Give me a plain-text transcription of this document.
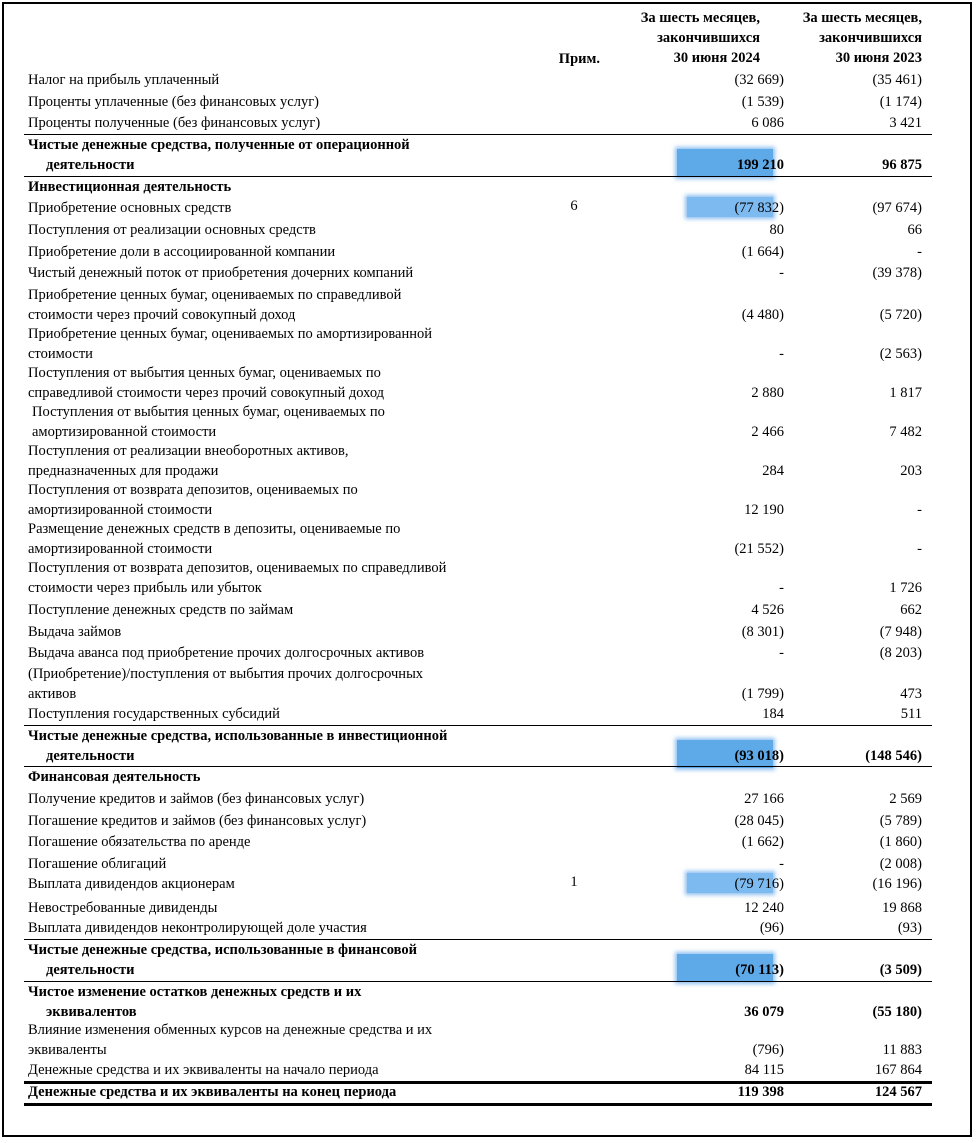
Прим.
За шесть месяцев,
закончившихся
30 июня 2024
За шесть месяцев,
закончившихся
30 июня 2023
Налог на прибыль уплаченный	(32 669)	(35 461)
Проценты уплаченные (без финансовых услуг)	(1 539)	(1 174)
Проценты полученные (без финансовых услуг)	6 086	3 421
Чистые денежные средства, полученные от операционной
деятельности	199 210	96 875
Инвестиционная деятельность
Приобретение основных средств	6	(77 832)	(97 674)
Поступления от реализации основных средств	80	66
Приобретение доли в ассоциированной компании	(1 664)	-
Чистый денежный поток от приобретения дочерних компаний	-	(39 378)
Приобретение ценных бумаг, оцениваемых по справедливой
стоимости через прочий совокупный доход	(4 480)	(5 720)
Приобретение ценных бумаг, оцениваемых по амортизированной
стоимости	-	(2 563)
Поступления от выбытия ценных бумаг, оцениваемых по
справедливой стоимости через прочий совокупный доход	2 880	1 817
Поступления от выбытия ценных бумаг, оцениваемых по
амортизированной стоимости	2 466	7 482
Поступления от реализации внеоборотных активов,
предназначенных для продажи	284	203
Поступления от возврата депозитов, оцениваемых по
амортизированной стоимости	12 190	-
Размещение денежных средств в депозиты, оцениваемые по
амортизированной стоимости	(21 552)	-
Поступления от возврата депозитов, оцениваемых по справедливой
стоимости через прибыль или убыток	-	1 726
Поступление денежных средств по займам	4 526	662
Выдача займов	(8 301)	(7 948)
Выдача аванса под приобретение прочих долгосрочных активов	-	(8 203)
(Приобретение)/поступления от выбытия прочих долгосрочных
активов	(1 799)	473
Поступления государственных субсидий	184	511
Чистые денежные средства, использованные в инвестиционной
деятельности	(93 018)	(148 546)
Финансовая деятельность
Получение кредитов и займов (без финансовых услуг)	27 166	2 569
Погашение кредитов и займов (без финансовых услуг)	(28 045)	(5 789)
Погашение обязательства по аренде	(1 662)	(1 860)
Погашение облигаций	-	(2 008)
Выплата дивидендов акционерам	1	(79 716)	(16 196)
Невостребованные дивиденды	12 240	19 868
Выплата дивидендов неконтролирующей доле участия	(96)	(93)
Чистые денежные средства, использованные в финансовой
деятельности	(70 113)	(3 509)
Чистое изменение остатков денежных средств и их
эквивалентов	36 079	(55 180)
Влияние изменения обменных курсов на денежные средства и их
эквиваленты	(796)	11 883
Денежные средства и их эквиваленты на начало периода	84 115	167 864
Денежные средства и их эквиваленты на конец периода	119 398	124 567
